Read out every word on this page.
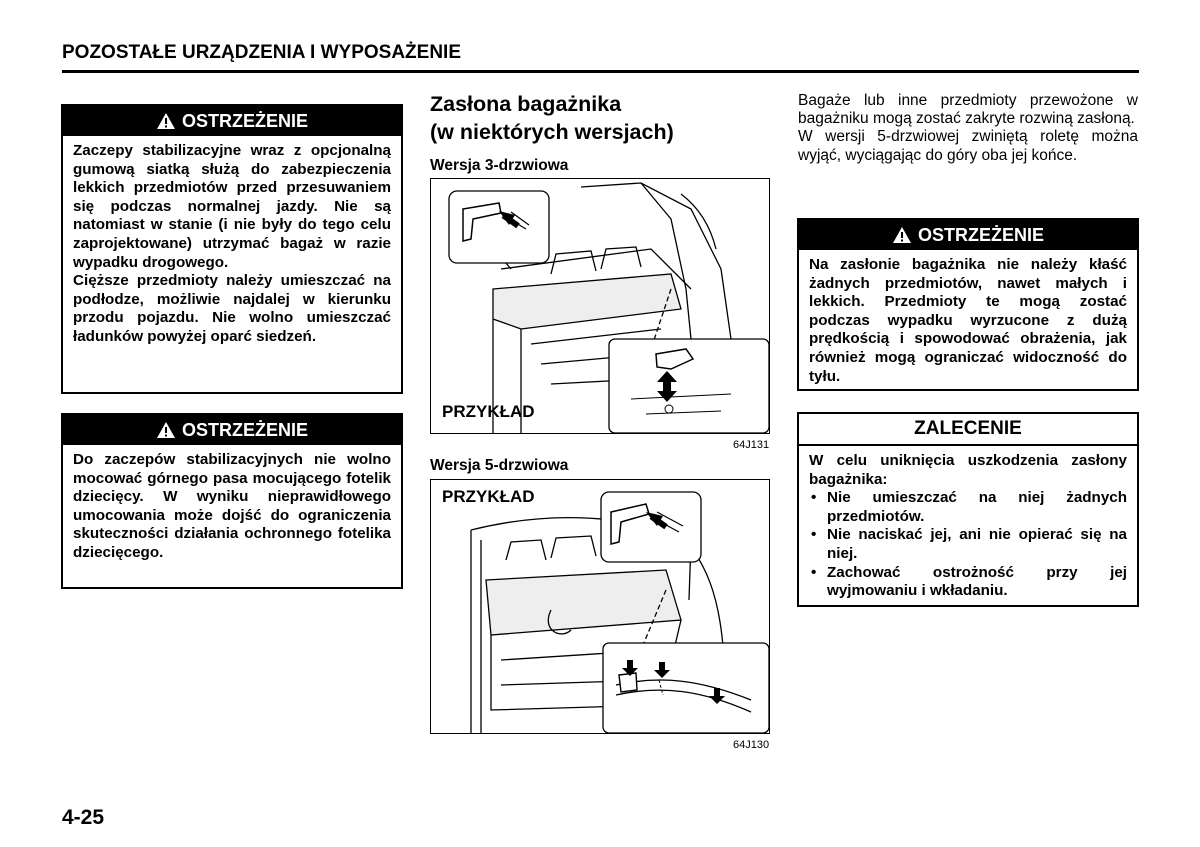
POZOSTAŁE URZĄDZENIA I WYPOSAŻENIE
OSTRZEŻENIE

Zaczepy stabilizacyjne wraz z opcjonalną gumową siatką służą do zabezpieczenia lekkich przedmiotów przed przesuwaniem się podczas normalnej jazdy. Nie są natomiast w stanie (i nie były do tego celu zaprojektowane) utrzymać bagaż w razie wypadku drogowego.

Cięższe przedmioty należy umieszczać na podłodze, możliwie najdalej w kierunku przodu pojazdu. Nie wolno umieszczać ładunków powyżej oparć siedzeń.

OSTRZEŻENIE

Do zaczepów stabilizacyjnych nie wolno mocować górnego pasa mocującego fotelik dziecięcy. W wyniku nieprawidłowego umocowania może dojść do ograniczenia skuteczności działania ochronnego fotelika dziecięcego.

Zasłona bagażnika
(w niektórych wersjach)
Wersja 3-drzwiowa
PRZYKŁAD
64J131
Wersja 5-drzwiowa
PRZYKŁAD
64J130

Bagaże lub inne przedmioty przewożone w bagażniku mogą zostać zakryte rozwiną zasłoną.

W wersji 5-drzwiowej zwiniętą roletę można wyjąć, wyciągając do góry oba jej końce.

OSTRZEŻENIE

Na zasłonie bagażnika nie należy kłaść żadnych przedmiotów, nawet małych i lekkich. Przedmioty te mogą zostać podczas wypadku wyrzucone z dużą prędkością i spowodować obrażenia, jak również mogą ograniczać widoczność do tyłu.

ZALECENIE

W celu uniknięcia uszkodzenia zasłony bagażnika:

• Nie umieszczać na niej żadnych przedmiotów.
• Nie naciskać jej, ani nie opierać się na niej.
• Zachować ostrożność przy jej wyjmowaniu i wkładaniu.
4-25
